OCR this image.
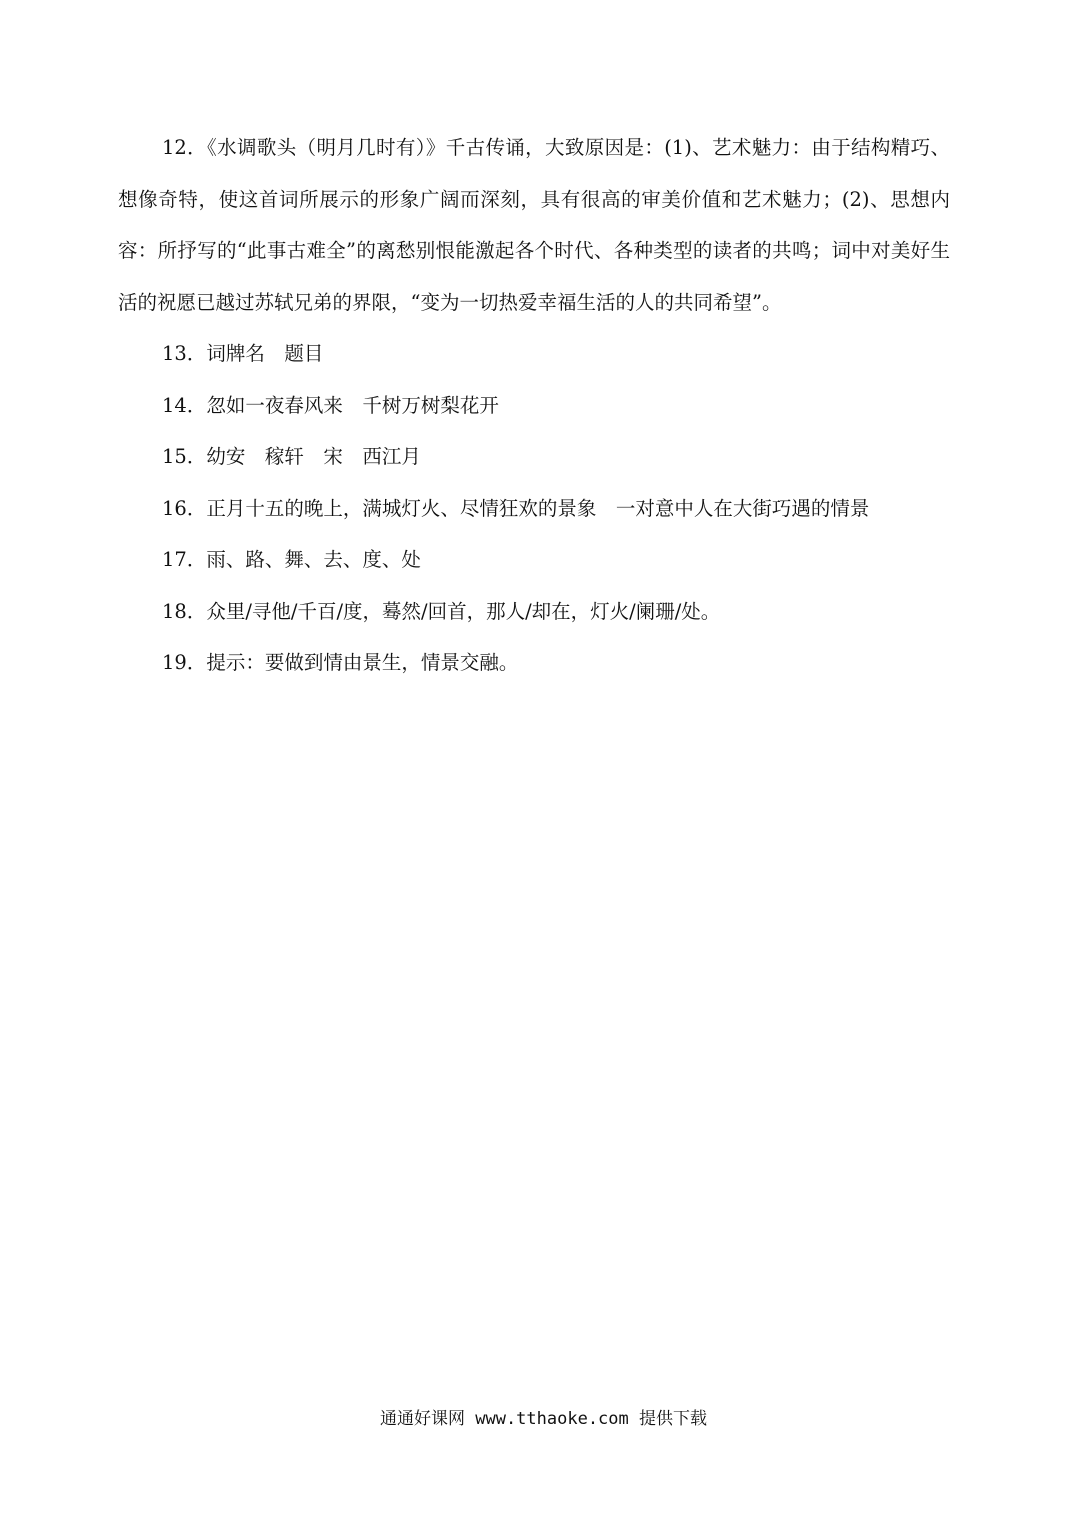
12．《水调歌头（明月几时有）》千古传诵，大致原因是：(1)、艺术魅力：由于结构精巧、想像奇特，使这首词所展示的形象广阔而深刻，具有很高的审美价值和艺术魅力；(2)、思想内容：所抒写的“此事古难全”的离愁别恨能激起各个时代、各种类型的读者的共鸣；词中对美好生活的祝愿已越过苏轼兄弟的界限，“变为一切热爱幸福生活的人的共同希望”。

13．词牌名　题目

14．忽如一夜春风来　千树万树梨花开

15．幼安　稼轩　宋　西江月

16．正月十五的晚上，满城灯火、尽情狂欢的景象　一对意中人在大街巧遇的情景

17．雨、路、舞、去、度、处

18．众里/寻他/千百/度，蓦然/回首，那人/却在，灯火/阑珊/处。

19．提示：要做到情由景生，情景交融。

通通好课网 www.tthaoke.com 提供下载
